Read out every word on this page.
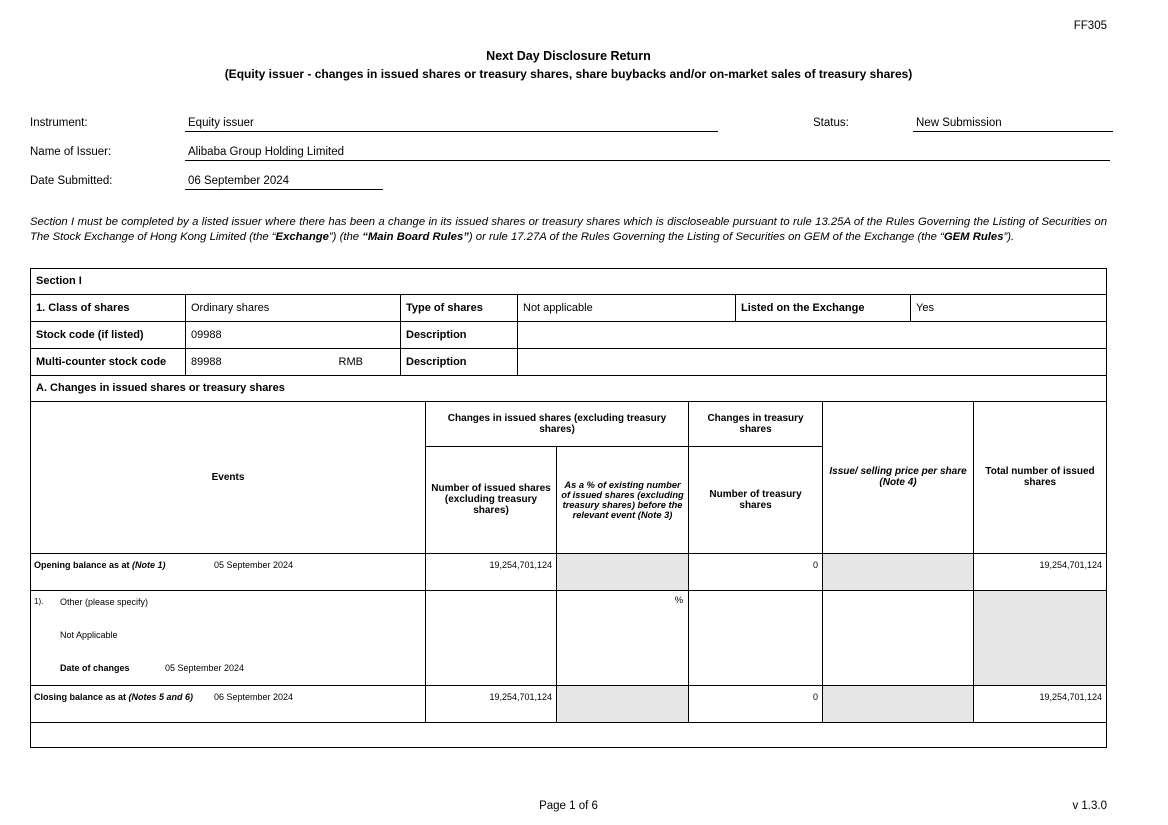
FF305
Next Day Disclosure Return
(Equity issuer - changes in issued shares or treasury shares, share buybacks and/or on-market sales of treasury shares)
Instrument:	Equity issuer	Status:	New Submission
Name of Issuer:	Alibaba Group Holding Limited
Date Submitted:	06 September 2024
Section I must be completed by a listed issuer where there has been a change in its issued shares or treasury shares which is discloseable pursuant to rule 13.25A of the Rules Governing the Listing of Securities on The Stock Exchange of Hong Kong Limited (the “Exchange”) (the “Main Board Rules”) or rule 17.27A of the Rules Governing the Listing of Securities on GEM of the Exchange (the “GEM Rules”).
Section I
1. Class of shares	Ordinary shares	Type of shares	Not applicable	Listed on the Exchange	Yes
Stock code (if listed)	09988	Description			
Multi-counter stock code	89988 RMB	Description			
A. Changes in issued shares or treasury shares
Events	Changes in issued shares (excluding treasury shares)		Changes in treasury shares	Issue/ selling price per share (Note 4)	Total number of issued shares
	Number of issued shares (excluding treasury shares)	As a % of existing number of issued shares (excluding treasury shares) before the relevant event (Note 3)	Number of treasury shares		
Opening balance as at (Note 1) 05 September 2024	19,254,701,124		0		19,254,701,124

1). Other (please specify)
Not Applicable
Date of changes 05 September 2024		%			
Closing balance as at (Notes 5 and 6) 06 September 2024	19,254,701,124		0		19,254,701,124

Page 1 of 6	v 1.3.0
